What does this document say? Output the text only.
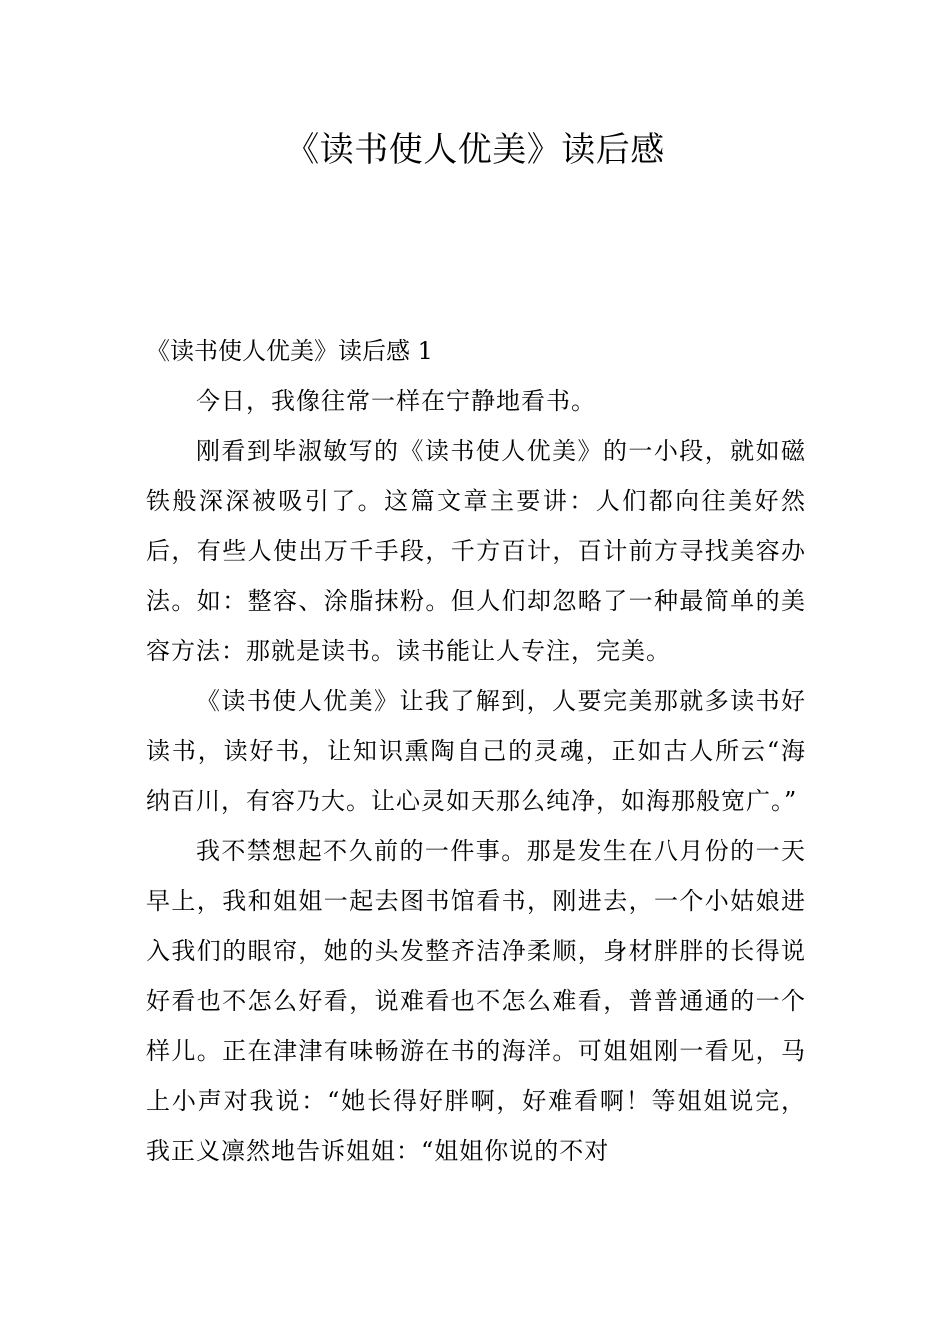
《读书使人优美》读后感
《读书使人优美》读后感 1

今日，我像往常一样在宁静地看书。

刚看到毕淑敏写的《读书使人优美》的一小段，就如磁铁般深深被吸引了。这篇文章主要讲：人们都向往美好然后，有些人使出万千手段，千方百计，百计前方寻找美容办法。如：整容、涂脂抹粉。但人们却忽略了一种最简单的美容方法：那就是读书。读书能让人专注，完美。

《读书使人优美》让我了解到，人要完美那就多读书好读书，读好书，让知识熏陶自己的灵魂，正如古人所云“海纳百川，有容乃大。让心灵如天那么纯净，如海那般宽广。”

我不禁想起不久前的一件事。那是发生在八月份的一天早上，我和姐姐一起去图书馆看书，刚进去，一个小姑娘进入我们的眼帘，她的头发整齐洁净柔顺，身材胖胖的长得说好看也不怎么好看，说难看也不怎么难看，普普通通的一个样儿。正在津津有味畅游在书的海洋。可姐姐刚一看见，马上小声对我说：“她长得好胖啊，好难看啊！等姐姐说完，我正义凛然地告诉姐姐：“姐姐你说的不对
